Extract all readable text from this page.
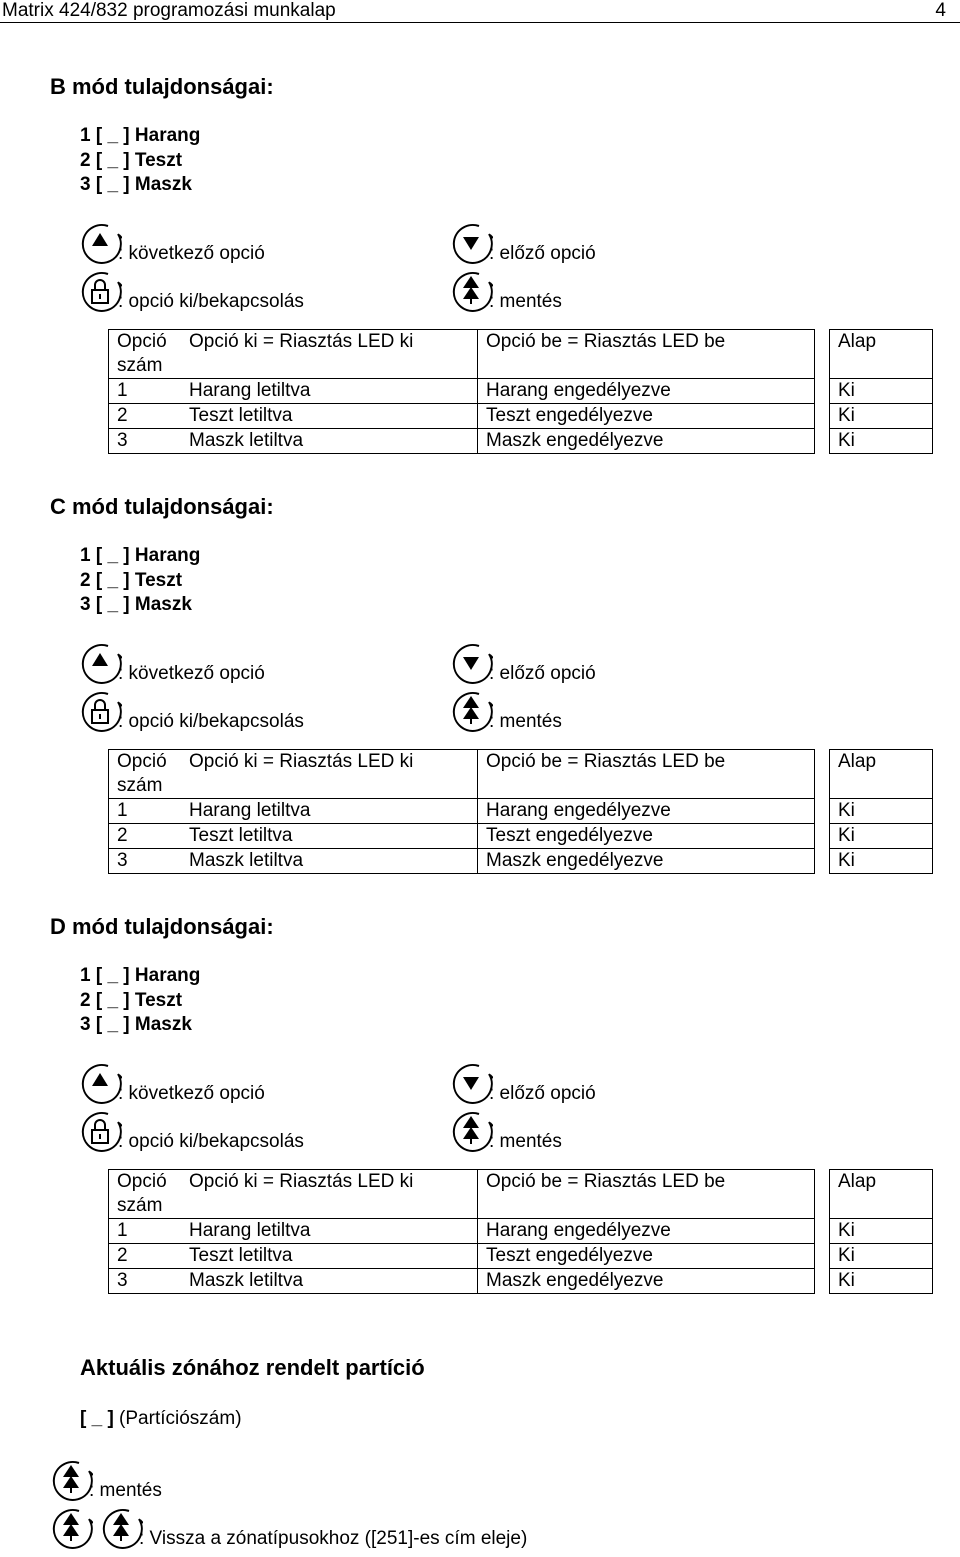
Matrix 424/832 programozási munkalap	4
B mód tulajdonságai:
1 [ _ ] Harang
2 [ _ ] Teszt
3 [ _ ] Maszk
: következő opció	: előző opció
: opció ki/bekapcsolás	: mentés
Opció szám	Opció ki = Riasztás LED ki	Opció be = Riasztás LED be		Alap
1	Harang letiltva	Harang engedélyezve		Ki
2	Teszt letiltva	Teszt engedélyezve		Ki
3	Maszk letiltva	Maszk engedélyezve		Ki
C mód tulajdonságai:
1 [ _ ] Harang
2 [ _ ] Teszt
3 [ _ ] Maszk
: következő opció	: előző opció
: opció ki/bekapcsolás	: mentés
Opció szám	Opció ki = Riasztás LED ki	Opció be = Riasztás LED be		Alap
1	Harang letiltva	Harang engedélyezve		Ki
2	Teszt letiltva	Teszt engedélyezve		Ki
3	Maszk letiltva	Maszk engedélyezve		Ki
D mód tulajdonságai:
1 [ _ ] Harang
2 [ _ ] Teszt
3 [ _ ] Maszk
: következő opció	: előző opció
: opció ki/bekapcsolás	: mentés
Opció szám	Opció ki = Riasztás LED ki	Opció be = Riasztás LED be		Alap
1	Harang letiltva	Harang engedélyezve		Ki
2	Teszt letiltva	Teszt engedélyezve		Ki
3	Maszk letiltva	Maszk engedélyezve		Ki
Aktuális zónához rendelt partíció
[ _ ] (Partíciószám)
: mentés
: Vissza a zónatípusokhoz ([251]-es cím eleje)
